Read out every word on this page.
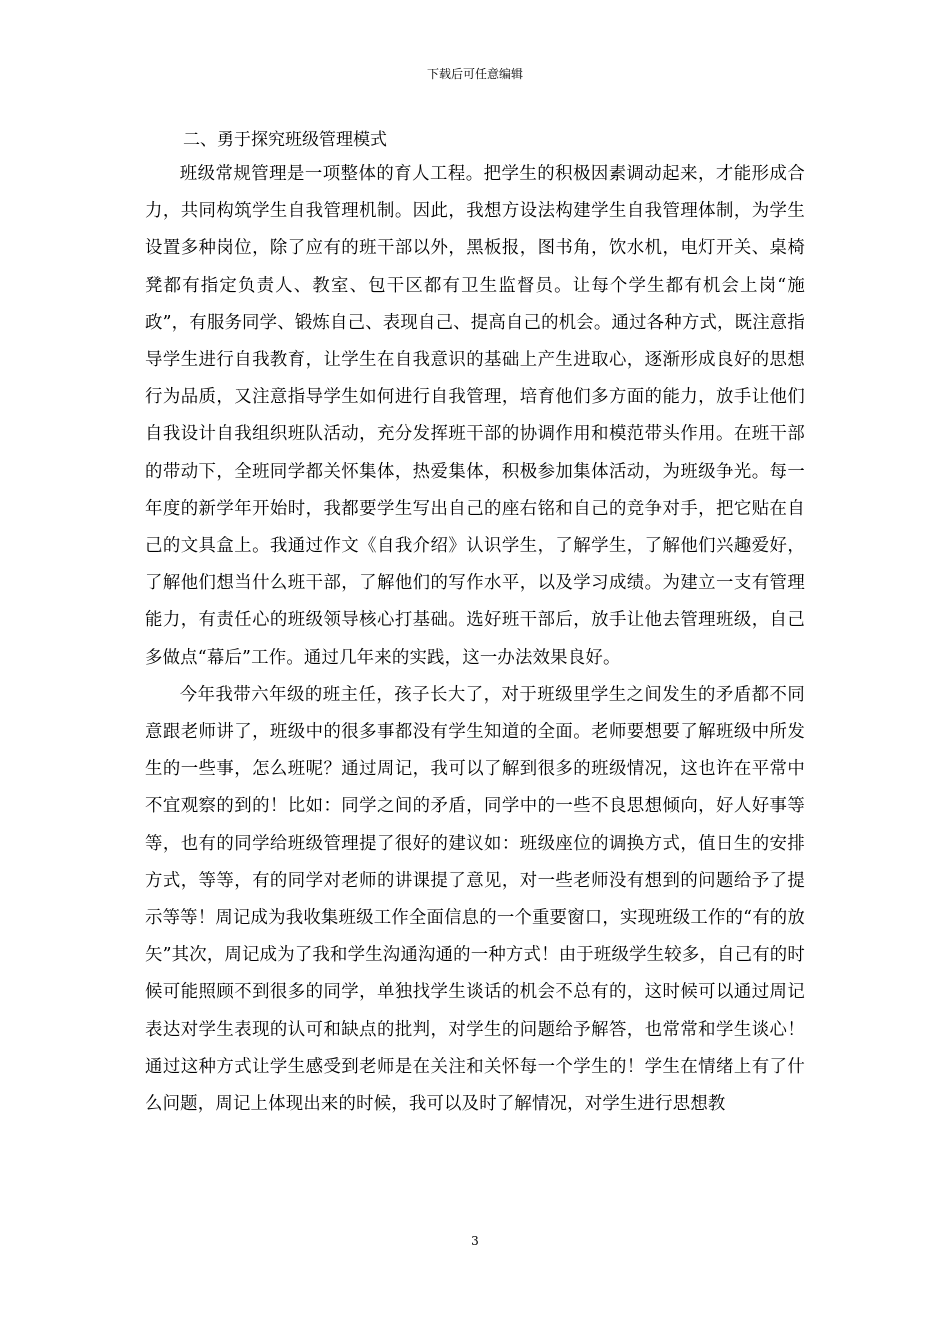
下载后可任意编辑
二、勇于探究班级管理模式

班级常规管理是一项整体的育人工程。把学生的积极因素调动起来，才能形成合力，共同构筑学生自我管理机制。因此，我想方设法构建学生自我管理体制，为学生设置多种岗位，除了应有的班干部以外，黑板报，图书角，饮水机，电灯开关、桌椅凳都有指定负责人、教室、包干区都有卫生监督员。让每个学生都有机会上岗“施政”，有服务同学、锻炼自己、表现自己、提高自己的机会。通过各种方式，既注意指导学生进行自我教育，让学生在自我意识的基础上产生进取心，逐渐形成良好的思想行为品质，又注意指导学生如何进行自我管理，培育他们多方面的能力，放手让他们自我设计自我组织班队活动，充分发挥班干部的协调作用和模范带头作用。在班干部的带动下，全班同学都关怀集体，热爱集体，积极参加集体活动，为班级争光。每一年度的新学年开始时，我都要学生写出自己的座右铭和自己的竞争对手，把它贴在自己的文具盒上。我通过作文《自我介绍》认识学生，了解学生，了解他们兴趣爱好，了解他们想当什么班干部，了解他们的写作水平，以及学习成绩。为建立一支有管理能力，有责任心的班级领导核心打基础。选好班干部后，放手让他去管理班级，自己多做点“幕后”工作。通过几年来的实践，这一办法效果良好。

今年我带六年级的班主任，孩子长大了，对于班级里学生之间发生的矛盾都不同意跟老师讲了，班级中的很多事都没有学生知道的全面。老师要想要了解班级中所发生的一些事，怎么班呢？通过周记，我可以了解到很多的班级情况，这也许在平常中不宜观察的到的！比如：同学之间的矛盾，同学中的一些不良思想倾向，好人好事等等，也有的同学给班级管理提了很好的建议如：班级座位的调换方式，值日生的安排方式，等等，有的同学对老师的讲课提了意见，对一些老师没有想到的问题给予了提示等等！周记成为我收集班级工作全面信息的一个重要窗口，实现班级工作的“有的放矢”其次，周记成为了我和学生沟通沟通的一种方式！由于班级学生较多，自己有的时候可能照顾不到很多的同学，单独找学生谈话的机会不总有的，这时候可以通过周记表达对学生表现的认可和缺点的批判，对学生的问题给予解答，也常常和学生谈心！通过这种方式让学生感受到老师是在关注和关怀每一个学生的！学生在情绪上有了什么问题，周记上体现出来的时候，我可以及时了解情况，对学生进行思想教

3
